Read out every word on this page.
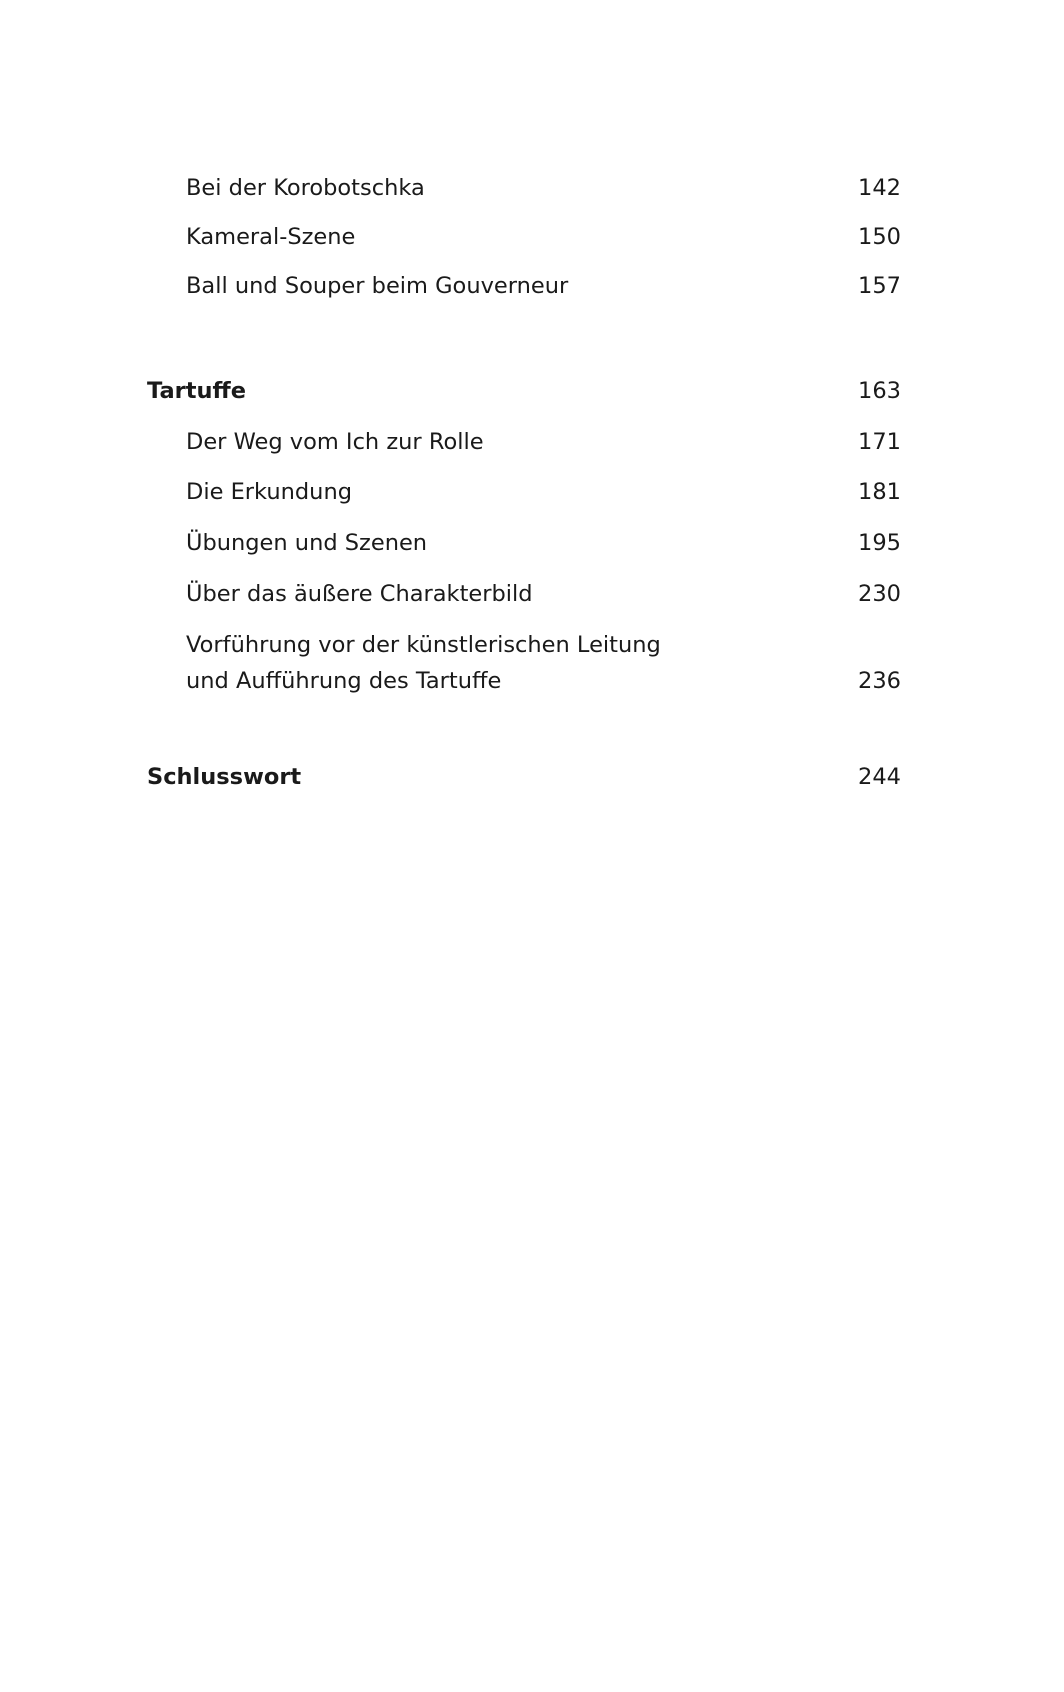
Bei der Korobotschka	142
Kameral-Szene	150
Ball und Souper beim Gouverneur	157
Tartuffe	163
Der Weg vom Ich zur Rolle	171
Die Erkundung	181
Übungen und Szenen	195
Über das äußere Charakterbild	230
Vorführung vor der künstlerischen Leitung
und Aufführung des Tartuffe	236
Schlusswort	244
